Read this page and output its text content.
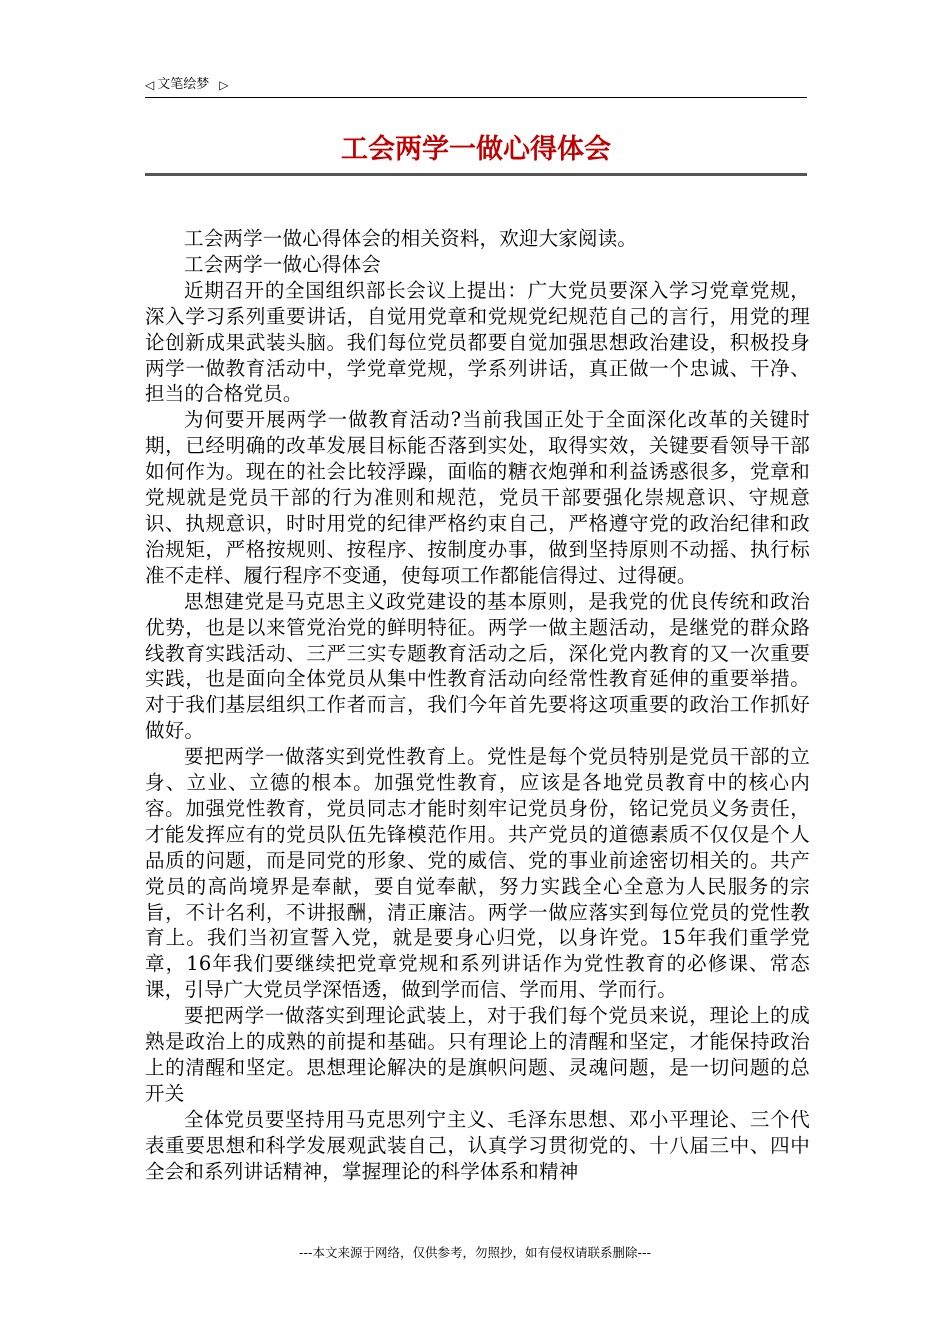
◁ 文笔绘梦 ▷
工会两学一做心得体会

工会两学一做心得体会的相关资料，欢迎大家阅读。

工会两学一做心得体会

近期召开的全国组织部长会议上提出：广大党员要深入学习党章党规，深入学习系列重要讲话，自觉用党章和党规党纪规范自己的言行，用党的理论创新成果武装头脑。我们每位党员都要自觉加强思想政治建设，积极投身两学一做教育活动中，学党章党规，学系列讲话，真正做一个忠诚、干净、担当的合格党员。

为何要开展两学一做教育活动?当前我国正处于全面深化改革的关键时期，已经明确的改革发展目标能否落到实处，取得实效，关键要看领导干部如何作为。现在的社会比较浮躁，面临的糖衣炮弹和利益诱惑很多，党章和党规就是党员干部的行为准则和规范，党员干部要强化崇规意识、守规意识、执规意识，时时用党的纪律严格约束自己，严格遵守党的政治纪律和政治规矩，严格按规则、按程序、按制度办事，做到坚持原则不动摇、执行标准不走样、履行程序不变通，使每项工作都能信得过、过得硬。

思想建党是马克思主义政党建设的基本原则，是我党的优良传统和政治优势，也是以来管党治党的鲜明特征。两学一做主题活动，是继党的群众路线教育实践活动、三严三实专题教育活动之后，深化党内教育的又一次重要实践，也是面向全体党员从集中性教育活动向经常性教育延伸的重要举措。对于我们基层组织工作者而言，我们今年首先要将这项重要的政治工作抓好做好。

要把两学一做落实到党性教育上。党性是每个党员特别是党员干部的立身、立业、立德的根本。加强党性教育，应该是各地党员教育中的核心内容。加强党性教育，党员同志才能时刻牢记党员身份，铭记党员义务责任，才能发挥应有的党员队伍先锋模范作用。共产党员的道德素质不仅仅是个人品质的问题，而是同党的形象、党的威信、党的事业前途密切相关的。共产党员的高尚境界是奉献，要自觉奉献，努力实践全心全意为人民服务的宗旨，不计名利，不讲报酬，清正廉洁。两学一做应落实到每位党员的党性教育上。我们当初宣誓入党，就是要身心归党，以身许党。15年我们重学党章，16年我们要继续把党章党规和系列讲话作为党性教育的必修课、常态课，引导广大党员学深悟透，做到学而信、学而用、学而行。

要把两学一做落实到理论武装上，对于我们每个党员来说，理论上的成熟是政治上的成熟的前提和基础。只有理论上的清醒和坚定，才能保持政治上的清醒和坚定。思想理论解决的是旗帜问题、灵魂问题，是一切问题的总开关

全体党员要坚持用马克思列宁主义、毛泽东思想、邓小平理论、三个代表重要思想和科学发展观武装自己，认真学习贯彻党的、十八届三中、四中全会和系列讲话精神，掌握理论的科学体系和精神

---本文来源于网络，仅供参考，勿照抄，如有侵权请联系删除---
